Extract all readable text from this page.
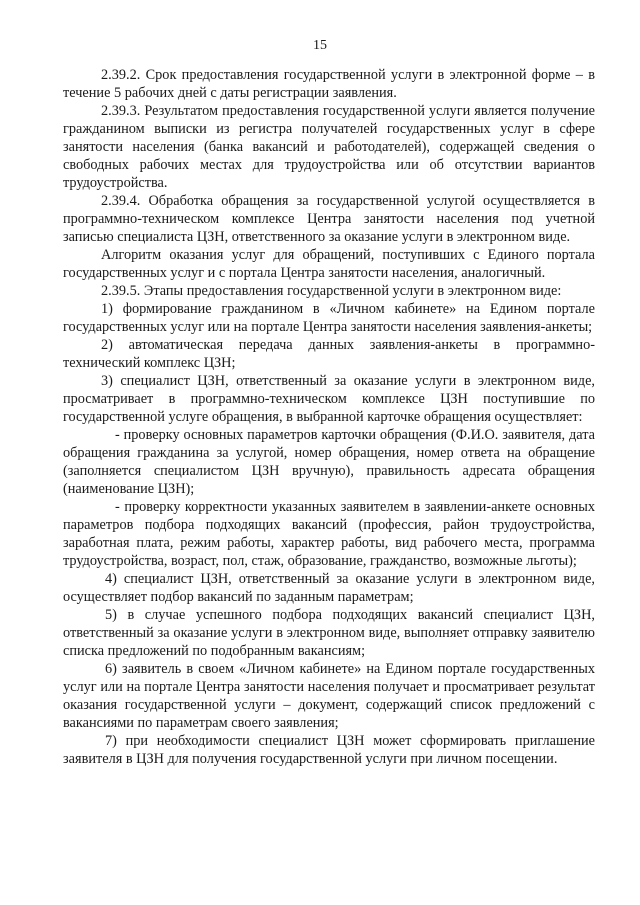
15

2.39.2. Срок предоставления государственной услуги в электронной форме – в течение 5 рабочих дней с даты регистрации заявления.

2.39.3. Результатом предоставления государственной услуги является получение гражданином выписки из регистра получателей государственных услуг в сфере занятости населения (банка вакансий и работодателей), содержащей сведения о свободных рабочих местах для трудоустройства или об отсутствии вариантов трудоустройства.

2.39.4. Обработка обращения за государственной услугой осуществляется в программно-техническом комплексе Центра занятости населения под учетной записью специалиста ЦЗН, ответственного за оказание услуги в электронном виде.

Алгоритм оказания услуг для обращений, поступивших с Единого портала государственных услуг и с портала Центра занятости населения, аналогичный.

2.39.5. Этапы предоставления государственной услуги в электронном виде:

1) формирование гражданином в «Личном кабинете» на Едином портале государственных услуг или на портале Центра занятости населения заявления-анкеты;

2) автоматическая передача данных заявления-анкеты в программно-технический комплекс ЦЗН;

3) специалист ЦЗН, ответственный за оказание услуги в электронном виде, просматривает в программно-техническом комплексе ЦЗН поступившие по государственной услуге обращения, в выбранной карточке обращения осуществляет:

- проверку основных параметров карточки обращения (Ф.И.О. заявителя, дата обращения гражданина за услугой, номер обращения, номер ответа на обращение (заполняется специалистом ЦЗН вручную), правильность адресата обращения (наименование ЦЗН);

- проверку корректности указанных заявителем в заявлении-анкете основных параметров подбора подходящих вакансий (профессия, район трудоустройства, заработная плата, режим работы, характер работы, вид рабочего места, программа трудоустройства, возраст, пол, стаж, образование, гражданство, возможные льготы);

4) специалист ЦЗН, ответственный за оказание услуги в электронном виде, осуществляет подбор вакансий по заданным параметрам;

5) в случае успешного подбора подходящих вакансий специалист ЦЗН, ответственный за оказание услуги в электронном виде, выполняет отправку заявителю списка предложений по подобранным вакансиям;

6) заявитель в своем «Личном кабинете» на Едином портале государственных услуг или на портале Центра занятости населения получает и просматривает результат оказания государственной услуги – документ, содержащий список предложений с вакансиями по параметрам своего заявления;

7) при необходимости специалист ЦЗН может сформировать приглашение заявителя в ЦЗН для получения государственной услуги при личном посещении.
